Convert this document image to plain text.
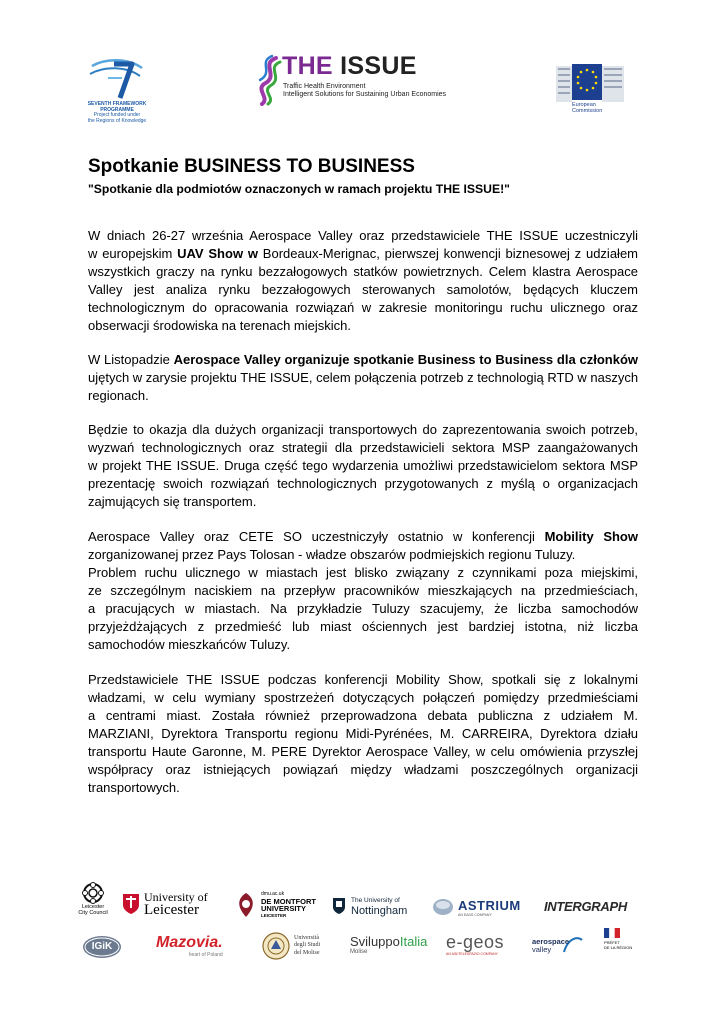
SEVENTH FRAMEWORK
PROGRAMME
Project funded under
the Regions of Knowledge
THE ISSUE
Traffic Health Environment
Intelligent Solutions for Sustaining Urban Economies
European
Commission
Spotkanie BUSINESS TO BUSINESS
"Spotkanie dla podmiotów oznaczonych w ramach projektu THE ISSUE!"
W dniach 26-27 września Aerospace Valley oraz przedstawiciele THE ISSUE uczestniczyli
w europejskim UAV Show w Bordeaux-Merignac, pierwszej konwencji biznesowej z udziałem
wszystkich graczy na rynku bezzałogowych statków powietrznych. Celem klastra Aerospace
Valley jest analiza rynku bezzałogowych sterowanych samolotów, będących kluczem
technologicznym do opracowania rozwiązań w zakresie monitoringu ruchu ulicznego oraz
obserwacji środowiska na terenach miejskich.
W Listopadzie Aerospace Valley organizuje spotkanie Business to Business dla członków
ujętych w zarysie projektu THE ISSUE, celem połączenia potrzeb z technologią RTD w naszych
regionach.
Będzie to okazja dla dużych organizacji transportowych do zaprezentowania swoich potrzeb,
wyzwań technologicznych oraz strategii dla przedstawicieli sektora MSP zaangażowanych
w projekt THE ISSUE. Druga część tego wydarzenia umożliwi przedstawicielom sektora MSP
prezentację swoich rozwiązań technologicznych przygotowanych z myślą o organizacjach
zajmujących się transportem.
Aerospace Valley oraz CETE SO uczestniczyły ostatnio w konferencji Mobility Show
zorganizowanej przez Pays Tolosan - władze obszarów podmiejskich regionu Tuluzy.
Problem ruchu ulicznego w miastach jest blisko związany z czynnikami poza miejskimi,
ze szczególnym naciskiem na przepływ pracowników mieszkających na przedmieściach,
a pracujących w miastach. Na przykładzie Tuluzy szacujemy, że liczba samochodów
przyjeżdżających z przedmieść lub miast ościennych jest bardziej istotna, niż liczba
samochodów mieszkańców Tuluzy.
Przedstawiciele THE ISSUE podczas konferencji Mobility Show, spotkali się z lokalnymi
władzami, w celu wymiany spostrzeżeń dotyczących połączeń pomiędzy przedmieściami
a centrami miast. Została również przeprowadzona debata publiczna z udziałem M.
MARZIANI, Dyrektora Transportu regionu Midi-Pyrénées, M. CARREIRA, Dyrektora działu
transportu Haute Garonne, M. PERE Dyrektor Aerospace Valley, w celu omówienia przyszłej
współpracy oraz istniejących powiązań między władzami poszczególnych organizacji
transportowych.
Leicester
City Council
University of
Leicester
dmu.ac.uk
DE MONTFORT
UNIVERSITY
LEICESTER
The University of
Nottingham	ASTRIUM
AN EADS COMPANY
INTERGRAPH
IGiK	Mazovia.
heart of Poland
Università
degli Studi
del Molise
SviluppoItalia
Molise	e-geos
AN ASI/TELESPAZIO COMPANY
aerospace
valley
PRÉFET
DE LA RÉGION
